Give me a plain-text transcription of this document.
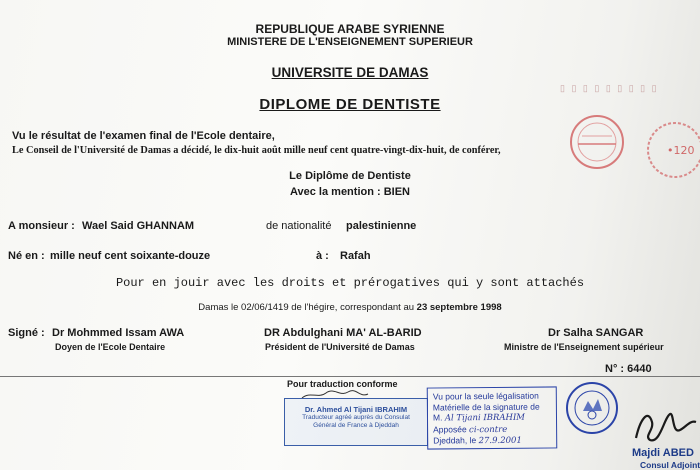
▯ ▯ ▯ ▯ ▯ ▯ ▯ ▯ ▯
•120
REPUBLIQUE ARABE SYRIENNE
MINISTERE DE L'ENSEIGNEMENT SUPERIEUR
UNIVERSITE DE DAMAS
DIPLOME DE DENTISTE
Vu le résultat de l'examen final de l'Ecole dentaire,
Le Conseil de l'Université de Damas a décidé, le dix-huit août mille neuf cent quatre-vingt-dix-huit, de conférer,
Le Diplôme de Dentiste
Avec la mention : BIEN
A monsieur : Wael Said GHANNAM	de nationalité palestinienne
Né en : mille neuf cent soixante-douze	à : Rafah
Pour en jouir avec les droits et prérogatives qui y sont attachés
Damas le 02/06/1419 de l'hégire, correspondant au 23 septembre 1998
Signé : Dr Mohmmed Issam AWA
Doyen de l'Ecole Dentaire
DR Abdulghani MA' AL-BARID
Président de l'Université de Damas
Dr Salha SANGAR
Ministre de l'Enseignement supérieur
N° : 6440
Pour traduction conforme
Dr. Ahmed Al Tijani IBRAHIM
Traducteur agréé auprès du Consulat
Général de France à Djeddah
Vu pour la seule légalisation
Matérielle de la signature de
M. Al Tijani IBRAHIM
Apposée ci-contre
Djeddah, le 27.9.2001
Majdi ABED
Consul Adjoint
